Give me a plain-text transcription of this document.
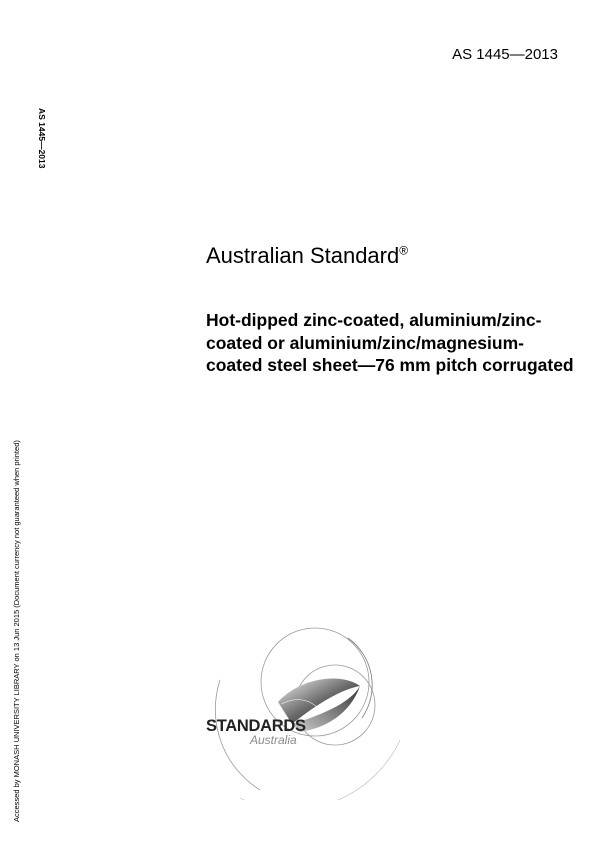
AS 1445—2013
AS 1445—2013
Accessed by MONASH UNIVERSITY LIBRARY on 13 Jun 2015 (Document currency not guaranteed when printed)
Australian Standard®
Hot-dipped zinc-coated, aluminium/zinc-coated or aluminium/zinc/magnesium-coated steel sheet—76 mm pitch corrugated
STANDARDS
Australia
